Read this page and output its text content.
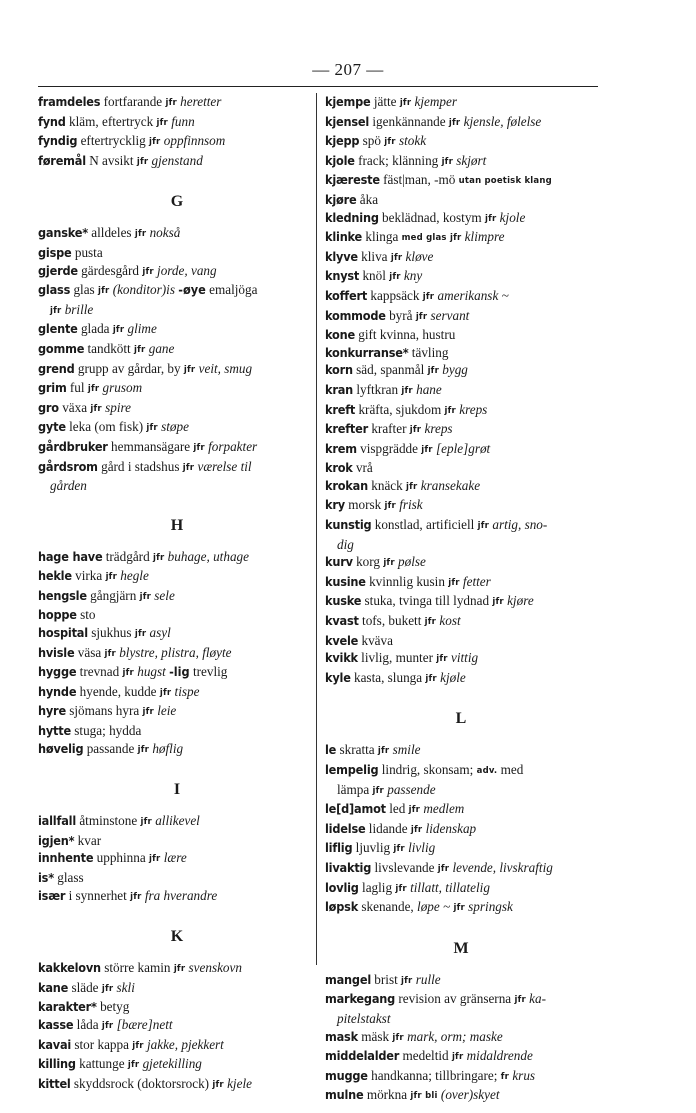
— 207 —

framdeles fortfarande jfr heretter

fynd kläm, eftertryck jfr funn

fyndig eftertrycklig jfr oppfinnsom

føremål N avsikt jfr gjenstand

G

ganske* alldeles jfr nokså

gispe pusta

gjerde gärdesgård jfr jorde, vang

glass glas jfr (konditor)is -øye emaljöga
jfr brille

glente glada jfr glime

gomme tandkött jfr gane

grend grupp av gårdar, by jfr veit, smug

grim ful jfr grusom

gro växa jfr spire

gyte leka (om fisk) jfr støpe

gårdbruker hemmansägare jfr forpakter

gårdsrom gård i stadshus jfr værelse til
gården

H

hage have trädgård jfr buhage, uthage

hekle virka jfr hegle

hengsle gångjärn jfr sele

hoppe sto

hospital sjukhus jfr asyl

hvisle väsa jfr blystre, plistra, fløyte

hygge trevnad jfr hugst -lig trevlig

hynde hyende, kudde jfr tispe

hyre sjömans hyra jfr leie

hytte stuga; hydda

høvelig passande jfr høflig

I

iallfall åtminstone jfr allikevel

igjen* kvar

innhente upphinna jfr lære

is* glass

især i synnerhet jfr fra hverandre

K

kakkelovn större kamin jfr svenskovn

kane släde jfr skli

karakter* betyg

kasse låda jfr [bære]nett

kavai stor kappa jfr jakke, pjekkert

killing kattunge jfr gjetekilling

kittel skyddsrock (doktorsrock) jfr kjele

kjempe jätte jfr kjemper

kjensel igenkännande jfr kjensle, følelse

kjepp spö jfr stokk

kjole frack; klänning jfr skjørt

kjæreste fäst|man, -mö utan poetisk klang

kjøre åka

kledning beklädnad, kostym jfr kjole

klinke klinga med glas jfr klimpre

klyve kliva jfr kløve

knyst knöl jfr kny

koffert kappsäck jfr amerikansk ~

kommode byrå jfr servant

kone gift kvinna, hustru

konkurranse* tävling

korn säd, spanmål jfr bygg

kran lyftkran jfr hane

kreft kräfta, sjukdom jfr kreps

krefter krafter jfr kreps

krem vispgrädde jfr [eple]grøt

krok vrå

krokan knäck jfr kransekake

kry morsk jfr frisk

kunstig konstlad, artificiell jfr artig, sno-
dig

kurv korg jfr pølse

kusine kvinnlig kusin jfr fetter

kuske stuka, tvinga till lydnad jfr kjøre

kvast tofs, bukett jfr kost

kvele kväva

kvikk livlig, munter jfr vittig

kyle kasta, slunga jfr kjøle

L

le skratta jfr smile

lempelig lindrig, skonsam; adv. med
lämpa jfr passende

le[d]amot led jfr medlem

lidelse lidande jfr lidenskap

liflig ljuvlig jfr livlig

livaktig livslevande jfr levende, livskraftig

lovlig laglig jfr tillatt, tillatelig

løpsk skenande, løpe ~ jfr springsk

M

mangel brist jfr rulle

markegang revision av gränserna jfr ka-
pitelstakst

mask mäsk jfr mark, orm; maske

middelalder medeltid jfr midaldrende

mugge handkanna; tillbringare; fr krus

mulne mörkna jfr bli (over)skyet
